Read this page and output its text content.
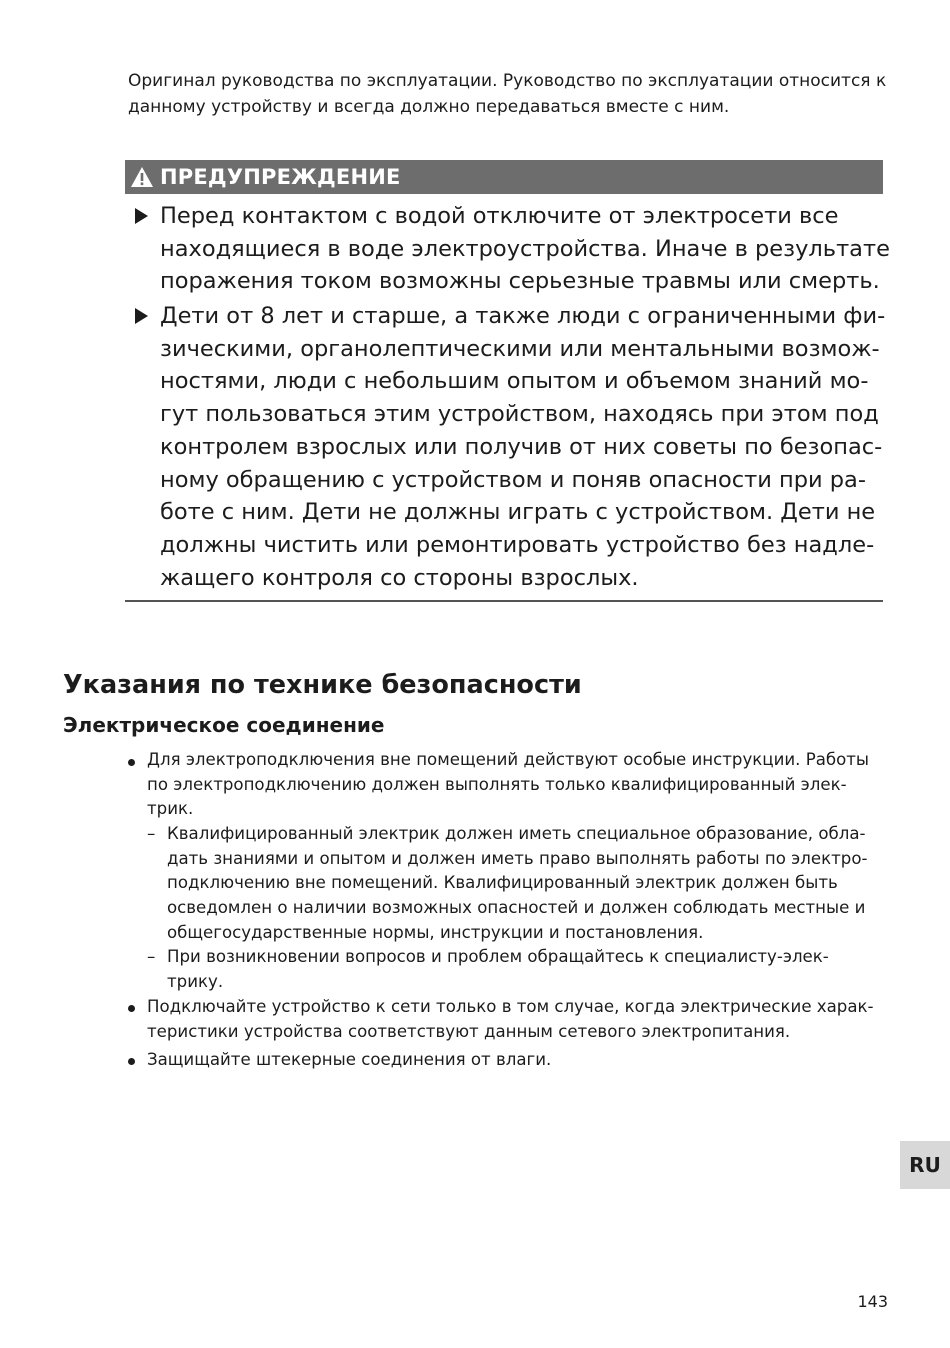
Оригинал руководства по эксплуатации. Руководство по эксплуатации относится к
данному устройству и всегда должно передаваться вместе с ним.

ПРЕДУПРЕЖДЕНИЕ

Перед контактом с водой отключите от электросети все
находящиеся в воде электроустройства. Иначе в результате
поражения током возможны серьезные травмы или смерть.

Дети от 8 лет и старше, а также люди с ограниченными фи-
зическими, органолептическими или ментальными возмож-
ностями, люди с небольшим опытом и объемом знаний мо-
гут пользоваться этим устройством, находясь при этом под
контролем взрослых или получив от них советы по безопас-
ному обращению с устройством и поняв опасности при ра-
боте с ним. Дети не должны играть с устройством. Дети не
должны чистить или ремонтировать устройство без надле-
жащего контроля со стороны взрослых.

Указания по технике безопасности
Электрическое соединение

Для электроподключения вне помещений действуют особые инструкции. Работы
по электроподключению должен выполнять только квалифицированный элек-
трик.

– Квалифицированный электрик должен иметь специальное образование, обла-
дать знаниями и опытом и должен иметь право выполнять работы по электро-
подключению вне помещений. Квалифицированный электрик должен быть
осведомлен о наличии возможных опасностей и должен соблюдать местные и
общегосударственные нормы, инструкции и постановления.

– При возникновении вопросов и проблем обращайтесь к специалисту-элек-
трику.

Подключайте устройство к сети только в том случае, когда электрические харак-
теристики устройства соответствуют данным сетевого электропитания.

Защищайте штекерные соединения от влаги.

RU
143
